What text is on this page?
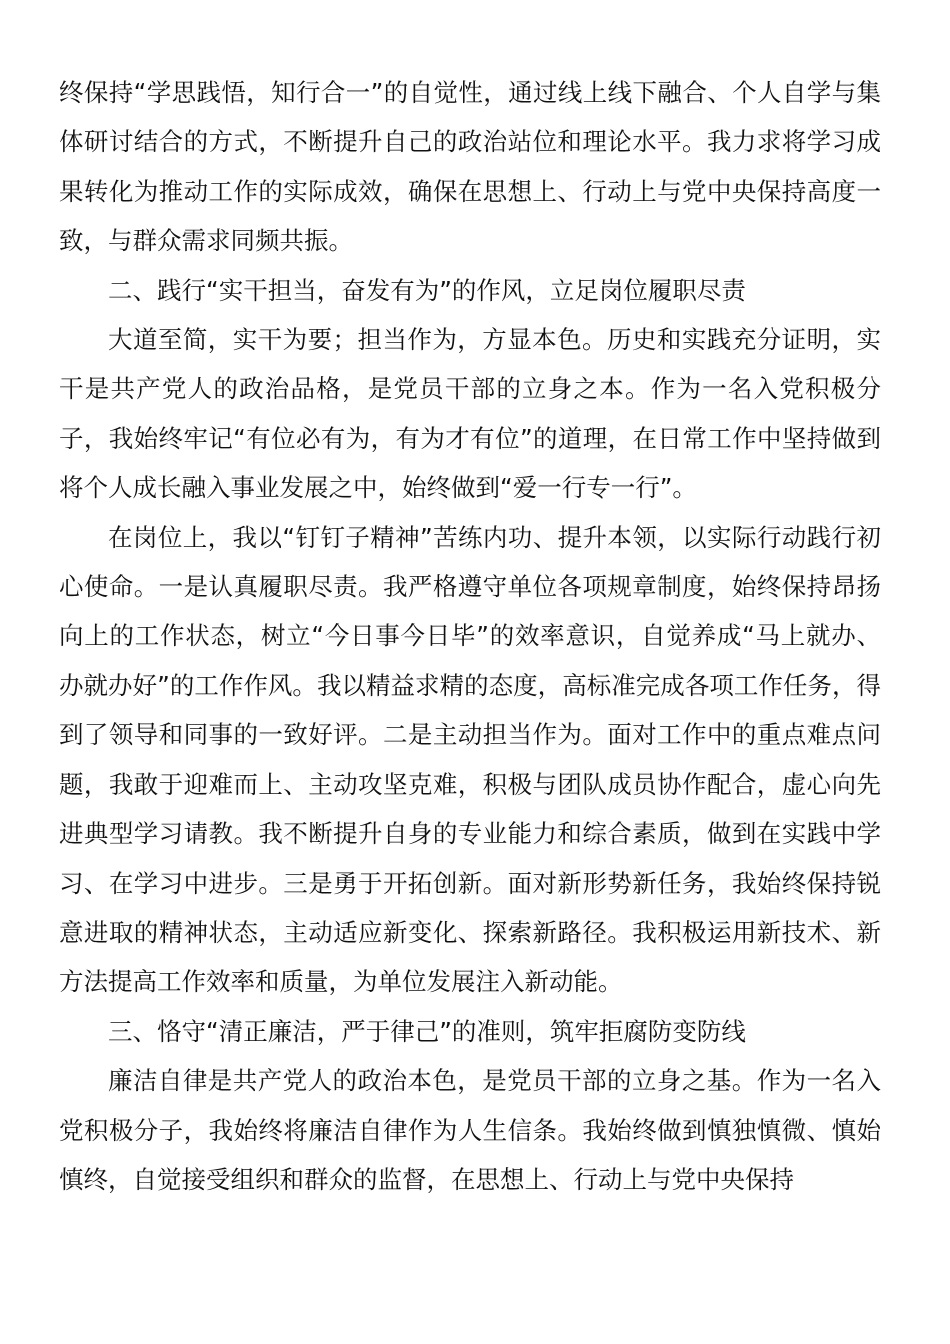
终保持“学思践悟，知行合一”的自觉性，通过线上线下融合、个人自学与集体研讨结合的方式，不断提升自己的政治站位和理论水平。我力求将学习成果转化为推动工作的实际成效，确保在思想上、行动上与党中央保持高度一致，与群众需求同频共振。

二、践行“实干担当，奋发有为”的作风，立足岗位履职尽责

大道至简，实干为要；担当作为，方显本色。历史和实践充分证明，实干是共产党人的政治品格，是党员干部的立身之本。作为一名入党积极分子，我始终牢记“有位必有为，有为才有位”的道理，在日常工作中坚持做到将个人成长融入事业发展之中，始终做到“爱一行专一行”。

在岗位上，我以“钉钉子精神”苦练内功、提升本领，以实际行动践行初心使命。一是认真履职尽责。我严格遵守单位各项规章制度，始终保持昂扬向上的工作状态，树立“今日事今日毕”的效率意识，自觉养成“马上就办、办就办好”的工作作风。我以精益求精的态度，高标准完成各项工作任务，得到了领导和同事的一致好评。二是主动担当作为。面对工作中的重点难点问题，我敢于迎难而上、主动攻坚克难，积极与团队成员协作配合，虚心向先进典型学习请教。我不断提升自身的专业能力和综合素质，做到在实践中学习、在学习中进步。三是勇于开拓创新。面对新形势新任务，我始终保持锐意进取的精神状态，主动适应新变化、探索新路径。我积极运用新技术、新方法提高工作效率和质量，为单位发展注入新动能。

三、恪守“清正廉洁，严于律己”的准则，筑牢拒腐防变防线

廉洁自律是共产党人的政治本色，是党员干部的立身之基。作为一名入党积极分子，我始终将廉洁自律作为人生信条。我始终做到慎独慎微、慎始慎终，自觉接受组织和群众的监督，在思想上、行动上与党中央保持
